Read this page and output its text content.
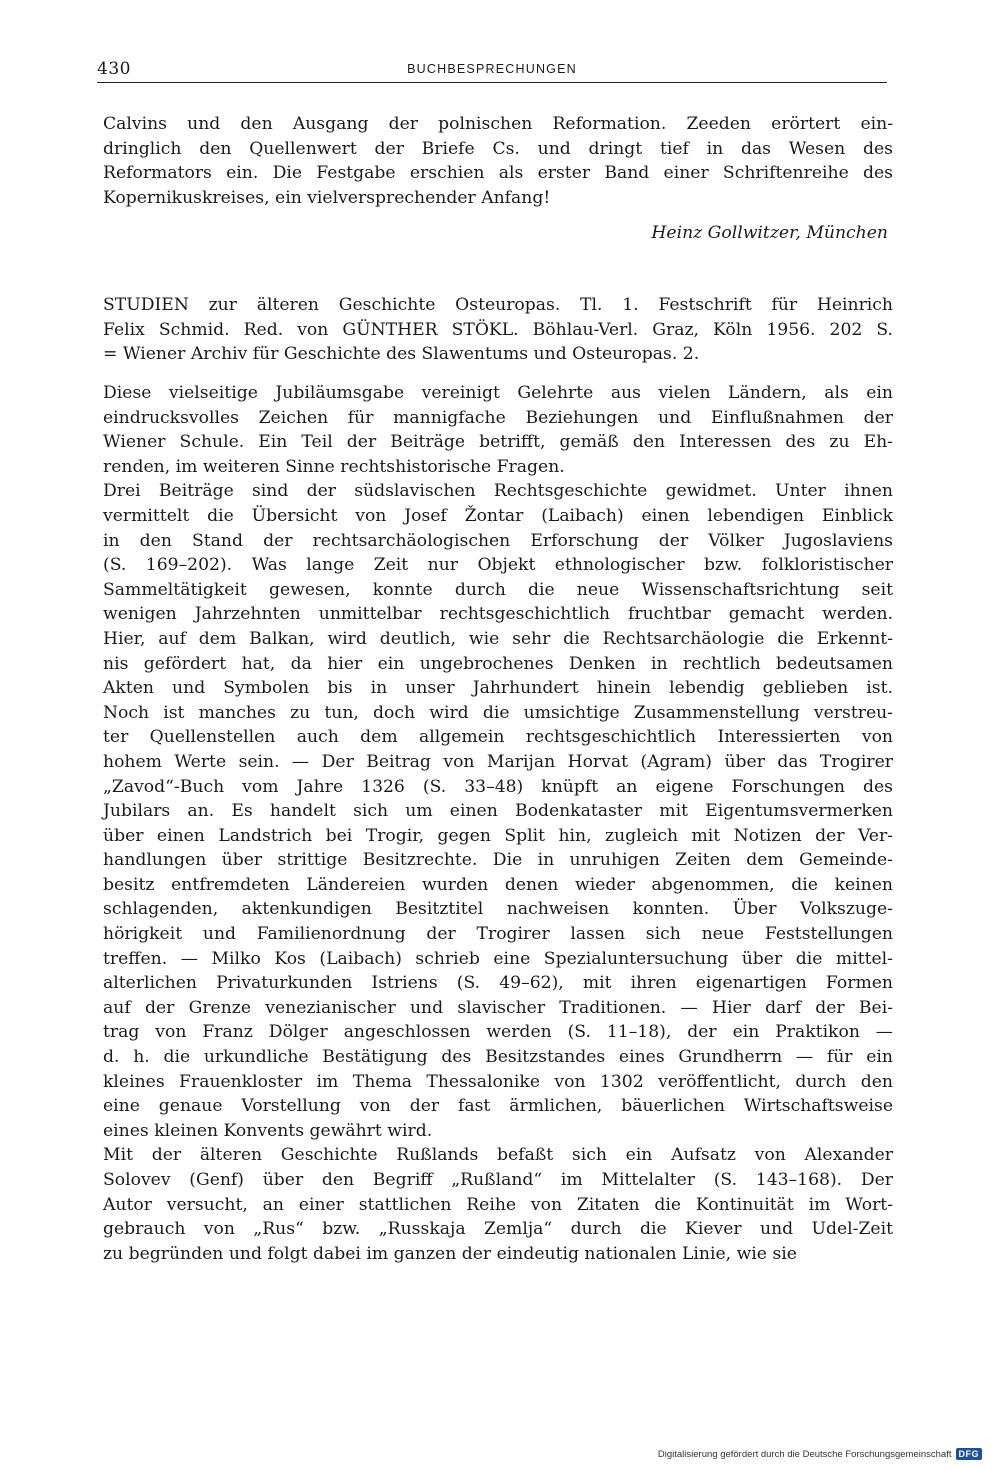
430	BUCHBESPRECHUNGEN
Calvins und den Ausgang der polnischen Reformation. Zeeden erörtert ein-
dringlich den Quellenwert der Briefe Cs. und dringt tief in das Wesen des
Reformators ein. Die Festgabe erschien als erster Band einer Schriftenreihe des
Kopernikuskreises, ein vielversprechender Anfang!
Heinz Gollwitzer, München
STUDIEN zur älteren Geschichte Osteuropas. Tl. 1. Festschrift für Heinrich
Felix Schmid. Red. von GÜNTHER STÖKL. Böhlau-Verl. Graz, Köln 1956. 202 S.
= Wiener Archiv für Geschichte des Slawentums und Osteuropas. 2.
Diese vielseitige Jubiläumsgabe vereinigt Gelehrte aus vielen Ländern, als ein
eindrucksvolles Zeichen für mannigfache Beziehungen und Einflußnahmen der
Wiener Schule. Ein Teil der Beiträge betrifft, gemäß den Interessen des zu Eh-
renden, im weiteren Sinne rechtshistorische Fragen.
Drei Beiträge sind der südslavischen Rechtsgeschichte gewidmet. Unter ihnen
vermittelt die Übersicht von Josef Žontar (Laibach) einen lebendigen Einblick
in den Stand der rechtsarchäologischen Erforschung der Völker Jugoslaviens
(S. 169–202). Was lange Zeit nur Objekt ethnologischer bzw. folkloristischer
Sammeltätigkeit gewesen, konnte durch die neue Wissenschaftsrichtung seit
wenigen Jahrzehnten unmittelbar rechtsgeschichtlich fruchtbar gemacht werden.
Hier, auf dem Balkan, wird deutlich, wie sehr die Rechtsarchäologie die Erkennt-
nis gefördert hat, da hier ein ungebrochenes Denken in rechtlich bedeutsamen
Akten und Symbolen bis in unser Jahrhundert hinein lebendig geblieben ist.
Noch ist manches zu tun, doch wird die umsichtige Zusammenstellung verstreu-
ter Quellenstellen auch dem allgemein rechtsgeschichtlich Interessierten von
hohem Werte sein. — Der Beitrag von Marijan Horvat (Agram) über das Trogirer
„Zavod“-Buch vom Jahre 1326 (S. 33–48) knüpft an eigene Forschungen des
Jubilars an. Es handelt sich um einen Bodenkataster mit Eigentumsvermerken
über einen Landstrich bei Trogir, gegen Split hin, zugleich mit Notizen der Ver-
handlungen über strittige Besitzrechte. Die in unruhigen Zeiten dem Gemeinde-
besitz entfremdeten Ländereien wurden denen wieder abgenommen, die keinen
schlagenden, aktenkundigen Besitztitel nachweisen konnten. Über Volkszuge-
hörigkeit und Familienordnung der Trogirer lassen sich neue Feststellungen
treffen. — Milko Kos (Laibach) schrieb eine Spezialuntersuchung über die mittel-
alterlichen Privaturkunden Istriens (S. 49–62), mit ihren eigenartigen Formen
auf der Grenze venezianischer und slavischer Traditionen. — Hier darf der Bei-
trag von Franz Dölger angeschlossen werden (S. 11–18), der ein Praktikon —
d. h. die urkundliche Bestätigung des Besitzstandes eines Grundherrn — für ein
kleines Frauenkloster im Thema Thessalonike von 1302 veröffentlicht, durch den
eine genaue Vorstellung von der fast ärmlichen, bäuerlichen Wirtschaftsweise
eines kleinen Konvents gewährt wird.
Mit der älteren Geschichte Rußlands befaßt sich ein Aufsatz von Alexander
Solovev (Genf) über den Begriff „Rußland“ im Mittelalter (S. 143–168). Der
Autor versucht, an einer stattlichen Reihe von Zitaten die Kontinuität im Wort-
gebrauch von „Rus“ bzw. „Russkaja Zemlja“ durch die Kiever und Udel-Zeit
zu begründen und folgt dabei im ganzen der eindeutig nationalen Linie, wie sie
Digitalisierung gefördert durch die Deutsche Forschungsgemeinschaft DFG
